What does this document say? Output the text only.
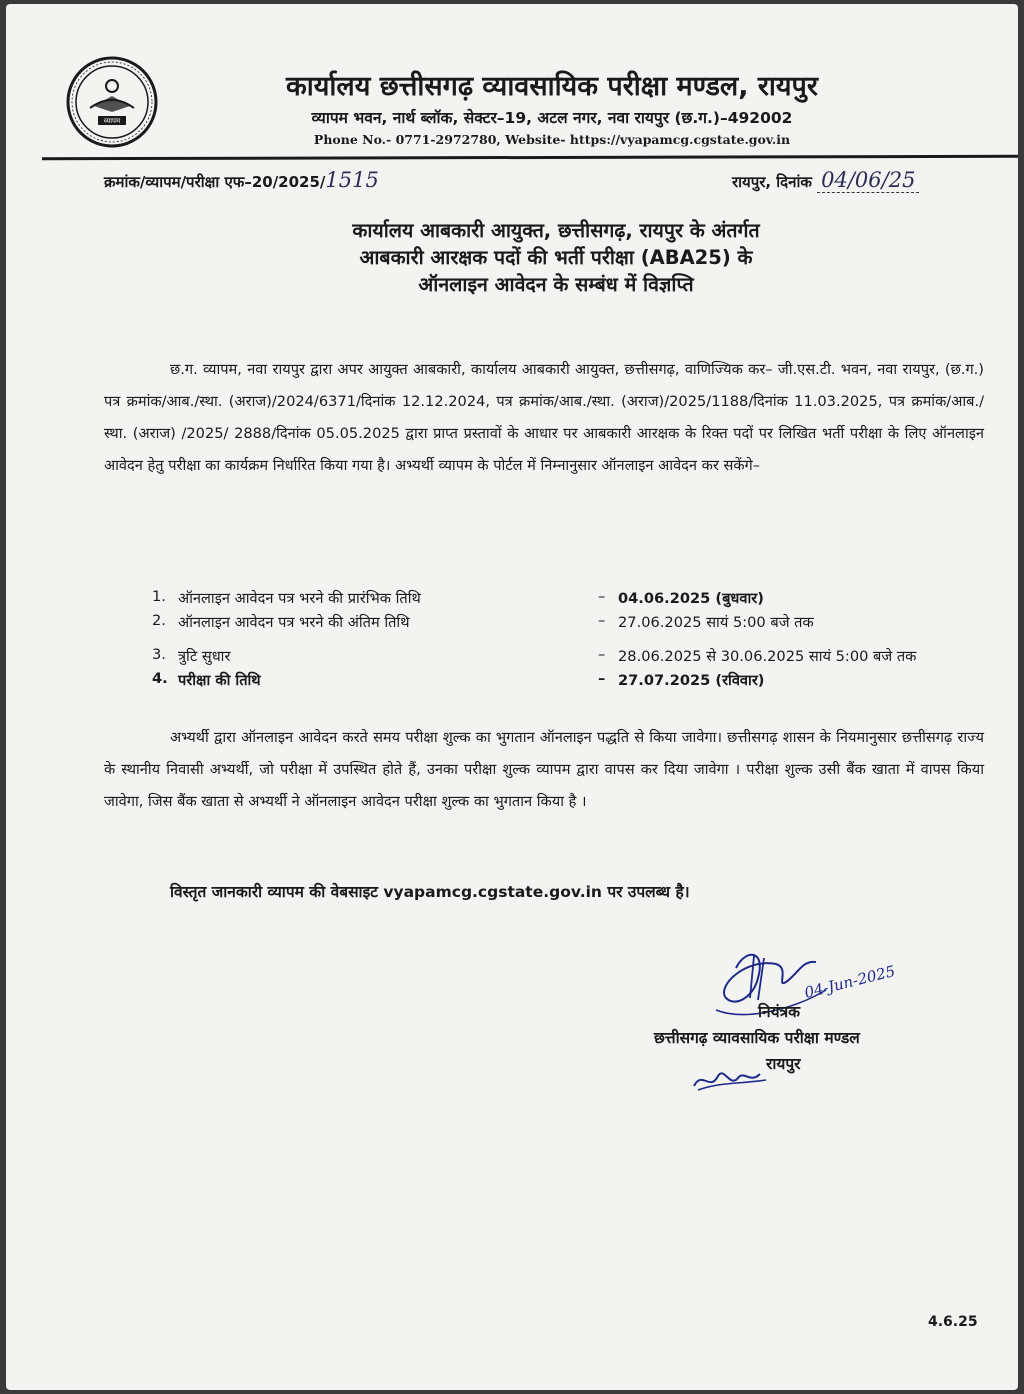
व्यापम
कार्यालय छत्तीसगढ़ व्यावसायिक परीक्षा मण्डल, रायपुर
व्यापम भवन, नार्थ ब्लॉक, सेक्टर–19, अटल नगर, नवा रायपुर (छ.ग.)–492002
Phone No.- 0771-2972780, Website- https://vyapamcg.cgstate.gov.in
क्रमांक/व्यापम/परीक्षा एफ–20/2025/1515	रायपुर, दिनांक 04/06/25
कार्यालय आबकारी आयुक्त, छत्तीसगढ़, रायपुर के अंतर्गत
आबकारी आरक्षक पदों की भर्ती परीक्षा (ABA25) के
ऑनलाइन आवेदन के सम्बंध में विज्ञप्ति
छ.ग. व्यापम, नवा रायपुर द्वारा अपर आयुक्त आबकारी, कार्यालय आबकारी आयुक्त, छत्तीसगढ़, वाणिज्यिक कर– जी.एस.टी. भवन, नवा रायपुर, (छ.ग.) पत्र क्रमांक/आब./स्था. (अराज)/2024/6371/दिनांक 12.12.2024, पत्र क्रमांक/आब./स्था. (अराज)/2025/1188/दिनांक 11.03.2025, पत्र क्रमांक/आब./स्था. (अराज) /2025/ 2888/दिनांक 05.05.2025 द्वारा प्राप्त प्रस्तावों के आधार पर आबकारी आरक्षक के रिक्त पदों पर लिखित भर्ती परीक्षा के लिए ऑनलाइन आवेदन हेतु परीक्षा का कार्यक्रम निर्धारित किया गया है। अभ्यर्थी व्यापम के पोर्टल में निम्नानुसार ऑनलाइन आवेदन कर सकेंगे–
1. ऑनलाइन आवेदन पत्र भरने की प्रारंभिक तिथि	– 04.06.2025 (बुधवार)
2. ऑनलाइन आवेदन पत्र भरने की अंतिम तिथि	– 27.06.2025 सायं 5:00 बजे तक
3. त्रुटि सुधार	– 28.06.2025 से 30.06.2025 सायं 5:00 बजे तक
4. परीक्षा की तिथि	– 27.07.2025 (रविवार)
अभ्यर्थी द्वारा ऑनलाइन आवेदन करते समय परीक्षा शुल्क का भुगतान ऑनलाइन पद्धति से किया जावेगा। छत्तीसगढ़ शासन के नियमानुसार छत्तीसगढ़ राज्य के स्थानीय निवासी अभ्यर्थी, जो परीक्षा में उपस्थित होते हैं, उनका परीक्षा शुल्क व्यापम द्वारा वापस कर दिया जावेगा । परीक्षा शुल्क उसी बैंक खाता में वापस किया जावेगा, जिस बैंक खाता से अभ्यर्थी ने ऑनलाइन आवेदन परीक्षा शुल्क का भुगतान किया है ।
विस्तृत जानकारी व्यापम की वेबसाइट vyapamcg.cgstate.gov.in पर उपलब्ध है।
04-Jun-2025
नियंत्रक
छत्तीसगढ़ व्यावसायिक परीक्षा मण्डल
रायपुर
4.6.25
